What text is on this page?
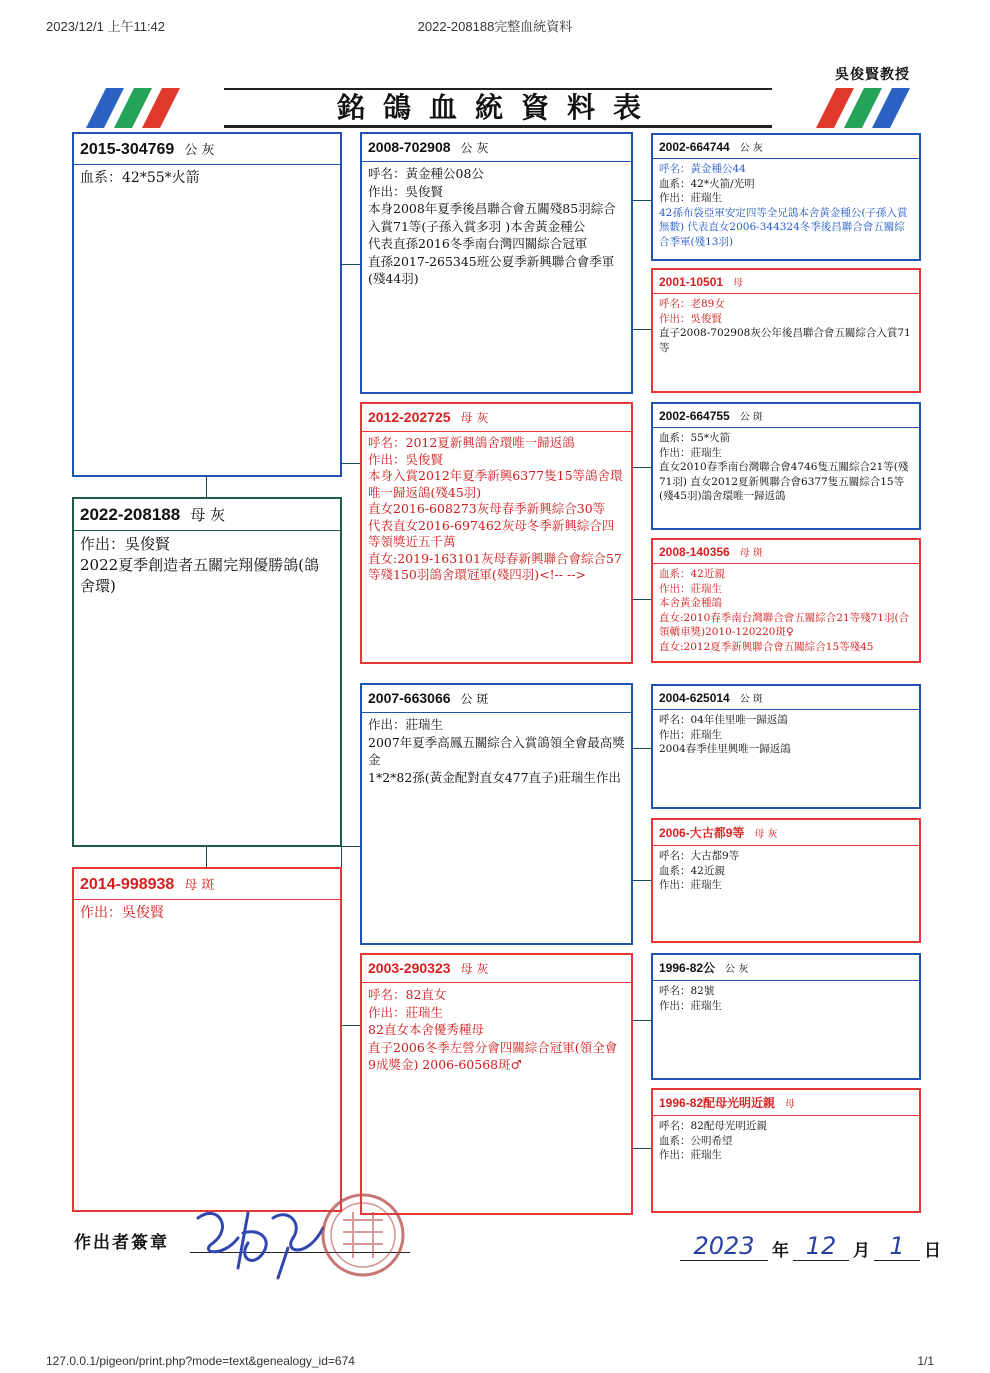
2023/12/1 上午11:42	2022-208188完整血統資料
127.0.0.1/pigeon/print.php?mode=text&genealogy_id=674	1/1
吳俊賢教授
銘鴿血統資料表
2015-304769 公 灰
血系：42*55*火箭
2022-208188 母 灰
作出：吳俊賢
2022夏季創造者五關完翔優勝鴿(鴿舍環)
2014-998938 母 斑
作出：吳俊賢
2008-702908 公 灰
呼名：黃金種公08公
作出：吳俊賢
本身2008年夏季後昌聯合會五關殘85羽綜合入賞71等(子孫入賞多羽 )本舍黃金種公
代表直孫2016冬季南台灣四關綜合冠軍
直孫2017-265345班公夏季新興聯合會季軍(殘44羽)
2012-202725 母 灰
呼名：2012夏新興鴿舍環唯一歸返鴿
作出：吳俊賢
本身入賞2012年夏季新興6377隻15等鴿舍環唯一歸返鴿(殘45羽)
直女2016-608273灰母春季新興綜合30等
代表直女2016-697462灰母冬季新興綜合四等領獎近五千萬
直女:2019-163101灰母春新興聯合會綜合57等殘150羽鴿舍環冠軍(殘四羽)<!-- -->
2007-663066 公 斑
作出：莊瑞生
2007年夏季高鳳五關綜合入賞鴿領全會最高獎金
1*2*82孫(黃金配對直女477直子)莊瑞生作出
2003-290323 母 灰
呼名：82直女
作出：莊瑞生
82直女本舍優秀種母
直子2006冬季左營分會四關綜合冠軍(領全會9成獎金) 2006-60568斑♂
2002-664744 公 灰
呼名：黃金種公44
血系：42*火箭/光明
作出：莊瑞生
42孫布袋亞軍安定四等全兄鴿本舍黃金種公(子孫入賞無數) 代表直女2006-344324冬季後昌聯合會五關綜合季軍(殘13羽)
2001-10501 母
呼名：老89女
作出：吳俊賢
直子2008-702908灰公年後昌聯合會五關綜合入賞71等
2002-664755 公 斑
血系：55*火箭
作出：莊瑞生
直女2010春季南台灣聯合會4746隻五關綜合21等(殘71羽) 直女2012夏新興聯合會6377隻五關綜合15等(殘45羽)鴿舍環唯一歸返鴿
2008-140356 母 斑
血系：42近親
作出：莊瑞生
本舍黃金種鴿
直女:2010春季南台灣聯合會五關綜合21等殘71羽(合領轎車獎)2010-120220斑♀
直女:2012夏季新興聯合會五關綜合15等殘45
2004-625014 公 斑
呼名：04年佳里唯一歸返鴿
作出：莊瑞生
2004春季佳里興唯一歸返鴿
2006-大古都9等 母 灰
呼名：大古都9等
血系：42近親
作出：莊瑞生
1996-82公 公 灰
呼名：82號
作出：莊瑞生
1996-82配母光明近親 母
呼名：82配母光明近親
血系：公明希望
作出：莊瑞生
作出者簽章	2023	年 12 月 1	日
